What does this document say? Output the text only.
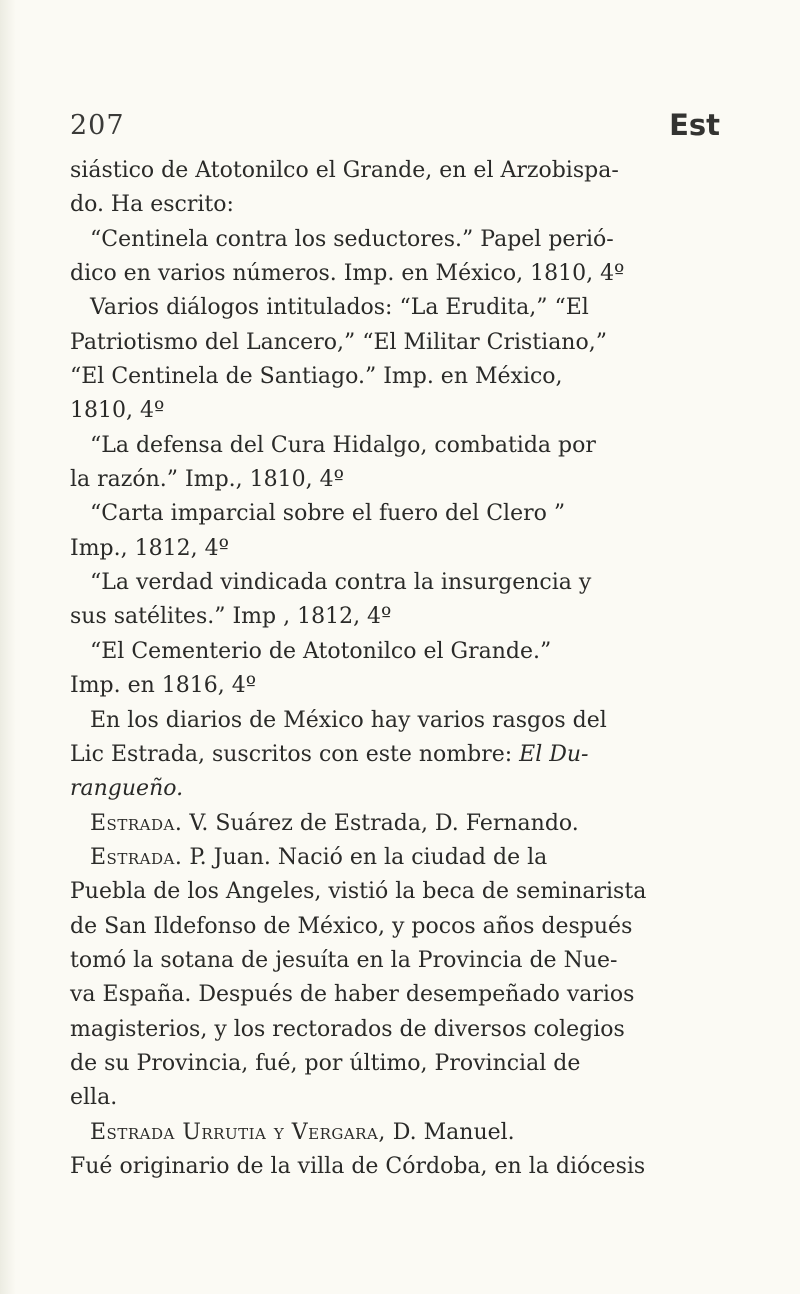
207	Est
siástico de Atotonilco el Grande, en el Arzobispa-
do. Ha escrito:
“Centinela contra los seductores.” Papel perió-
dico en varios números. Imp. en México, 1810, 4º
Varios diálogos intitulados: “La Erudita,” “El
Patriotismo del Lancero,” “El Militar Cristiano,”
“El Centinela de Santiago.” Imp. en México,
1810, 4º
“La defensa del Cura Hidalgo, combatida por
la razón.” Imp., 1810, 4º
“Carta imparcial sobre el fuero del Clero ”
Imp., 1812, 4º
“La verdad vindicada contra la insurgencia y
sus satélites.” Imp , 1812, 4º
“El Cementerio de Atotonilco el Grande.”
Imp. en 1816, 4º
En los diarios de México hay varios rasgos del
Lic Estrada, suscritos con este nombre: El Du-
rangueño.
Estrada. V. Suárez de Estrada, D. Fernando.
Estrada. P. Juan. Nació en la ciudad de la
Puebla de los Angeles, vistió la beca de seminarista
de San Ildefonso de México, y pocos años después
tomó la sotana de jesuíta en la Provincia de Nue-
va España. Después de haber desempeñado varios
magisterios, y los rectorados de diversos colegios
de su Provincia, fué, por último, Provincial de
ella.
Estrada Urrutia y Vergara, D. Manuel.
Fué originario de la villa de Córdoba, en la diócesis
